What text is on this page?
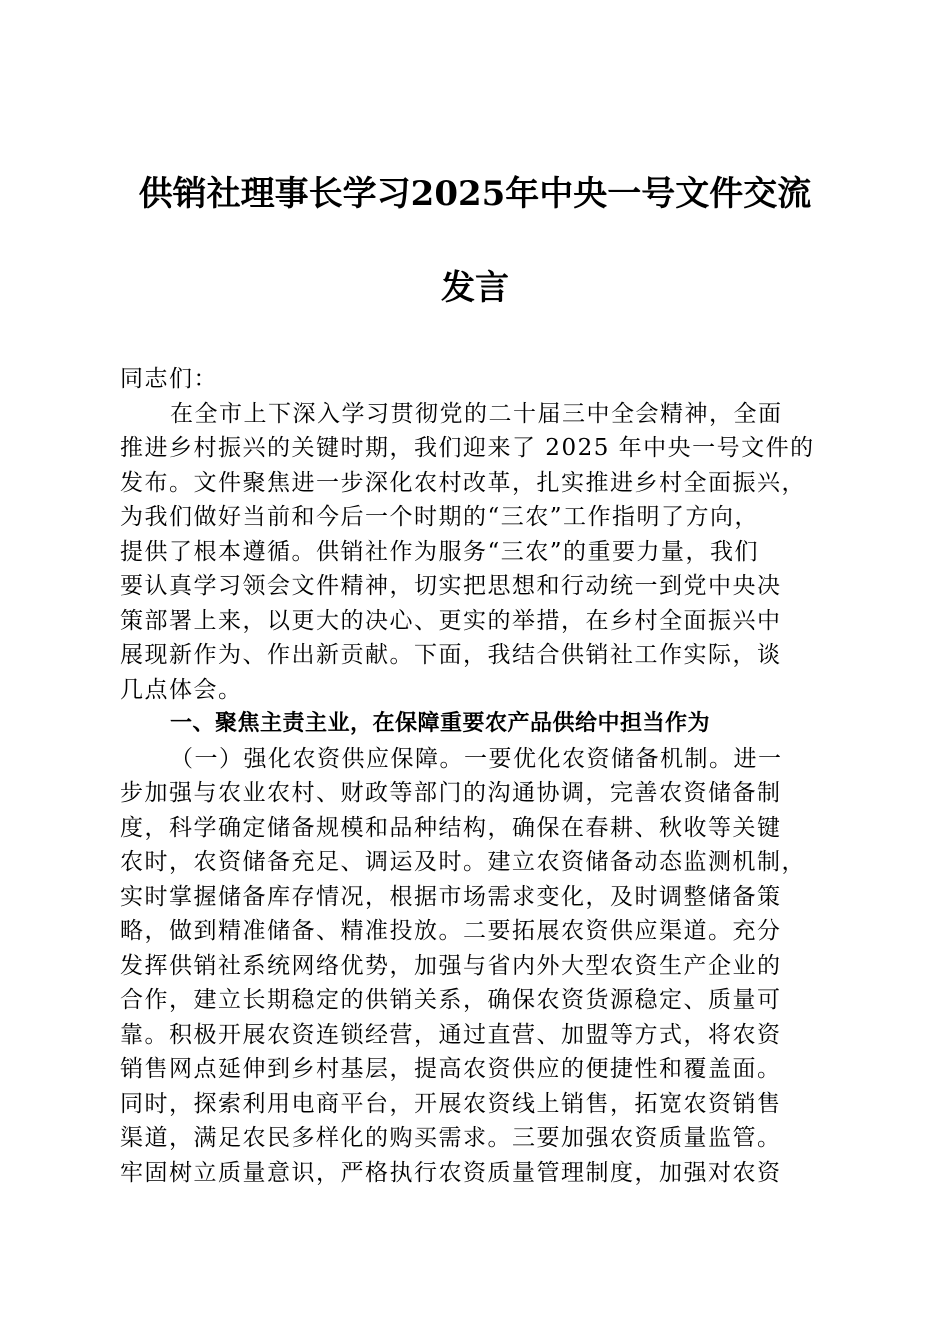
供销社理事长学习2025年中央一号文件交流
发言
同志们：
在全市上下深入学习贯彻党的二十届三中全会精神，全面
推进乡村振兴的关键时期，我们迎来了 2025 年中央一号文件的
发布。文件聚焦进一步深化农村改革，扎实推进乡村全面振兴，
为我们做好当前和今后一个时期的“三农”工作指明了方向，
提供了根本遵循。供销社作为服务“三农”的重要力量，我们
要认真学习领会文件精神，切实把思想和行动统一到党中央决
策部署上来，以更大的决心、更实的举措，在乡村全面振兴中
展现新作为、作出新贡献。下面，我结合供销社工作实际，谈
几点体会。
一、聚焦主责主业，在保障重要农产品供给中担当作为
（一）强化农资供应保障。一要优化农资储备机制。进一
步加强与农业农村、财政等部门的沟通协调，完善农资储备制
度，科学确定储备规模和品种结构，确保在春耕、秋收等关键
农时，农资储备充足、调运及时。建立农资储备动态监测机制，
实时掌握储备库存情况，根据市场需求变化，及时调整储备策
略，做到精准储备、精准投放。二要拓展农资供应渠道。充分
发挥供销社系统网络优势，加强与省内外大型农资生产企业的
合作，建立长期稳定的供销关系，确保农资货源稳定、质量可
靠。积极开展农资连锁经营，通过直营、加盟等方式，将农资
销售网点延伸到乡村基层，提高农资供应的便捷性和覆盖面。
同时，探索利用电商平台，开展农资线上销售，拓宽农资销售
渠道，满足农民多样化的购买需求。三要加强农资质量监管。
牢固树立质量意识，严格执行农资质量管理制度，加强对农资
